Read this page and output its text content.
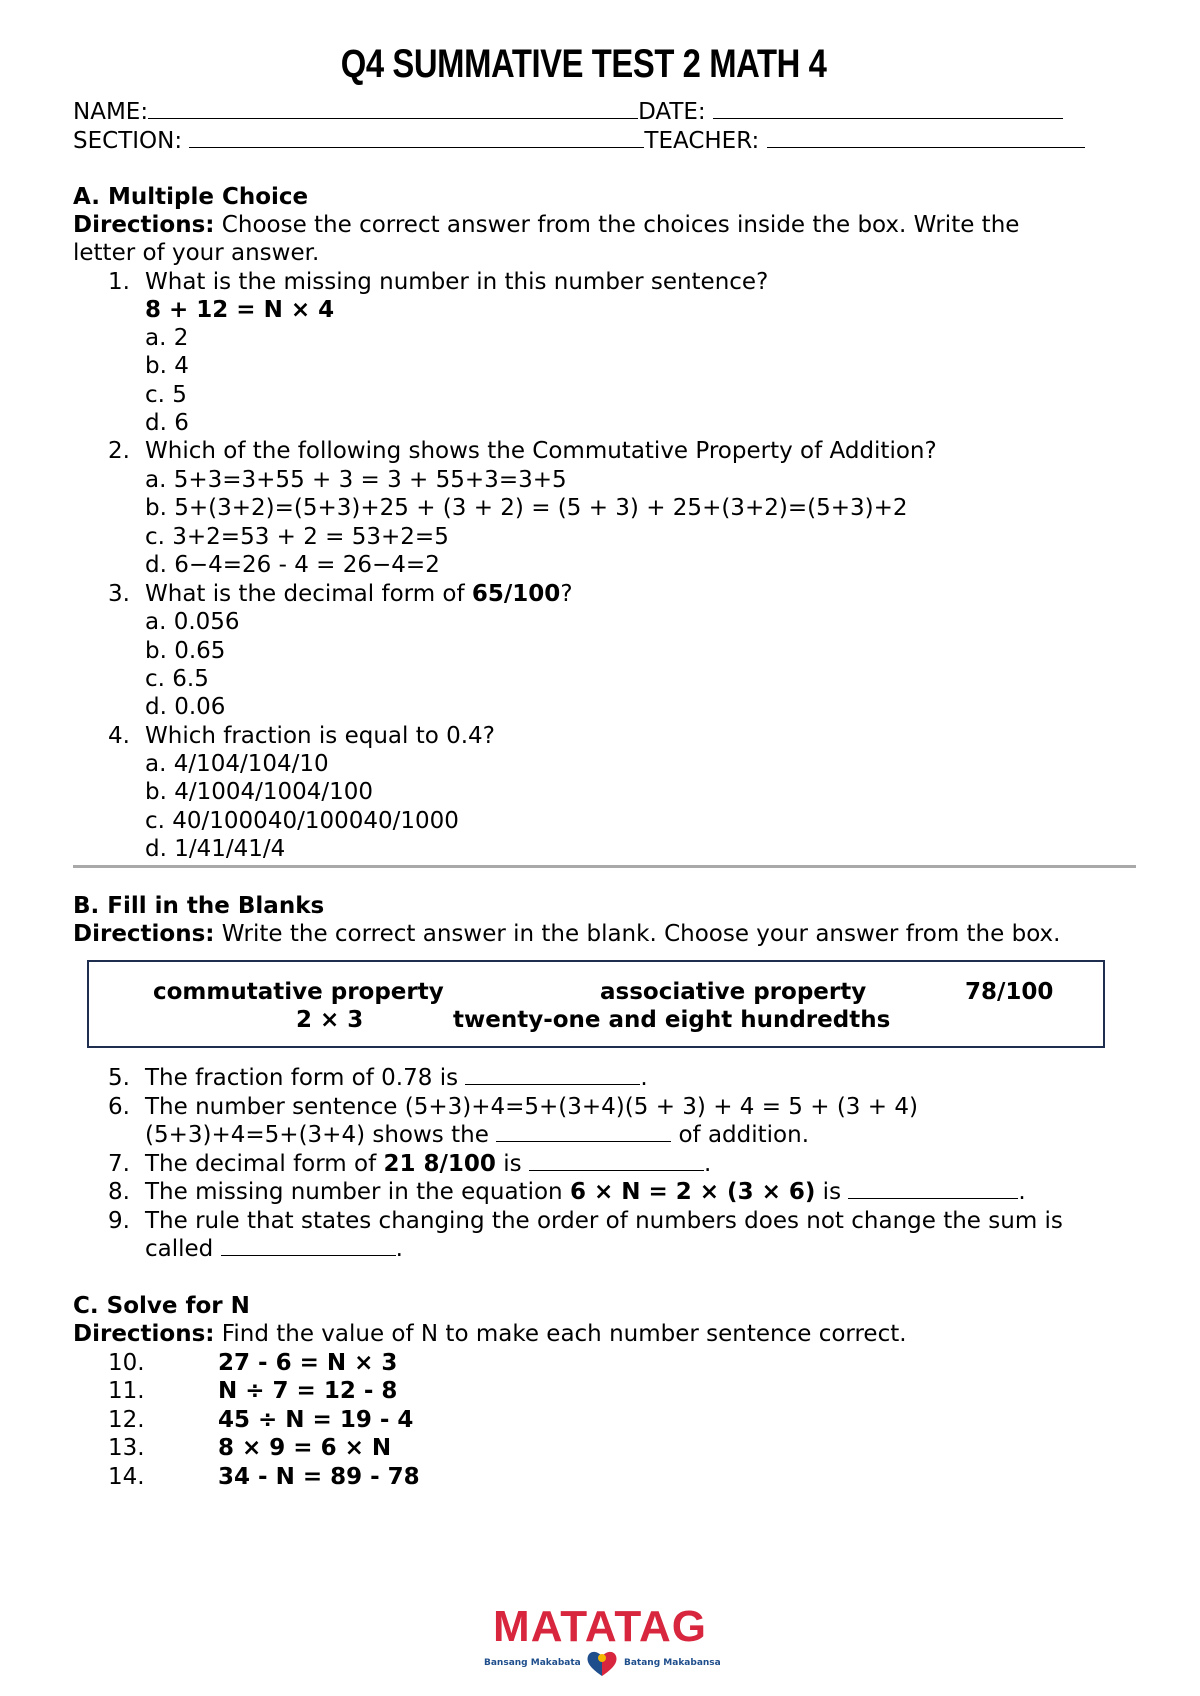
Q4 SUMMATIVE TEST 2 MATH 4
NAME:	DATE:
SECTION:	TEACHER:
A. Multiple Choice
Directions: Choose the correct answer from the choices inside the box. Write the
letter of your answer.
1. What is the missing number in this number sentence?
8 + 12 = N × 4
a. 2
b. 4
c. 5
d. 6
2. Which of the following shows the Commutative Property of Addition?
a. 5+3=3+55 + 3 = 3 + 55+3=3+5
b. 5+(3+2)=(5+3)+25 + (3 + 2) = (5 + 3) + 25+(3+2)=(5+3)+2
c. 3+2=53 + 2 = 53+2=5
d. 6−4=26 - 4 = 26−4=2
3. What is the decimal form of 65/100?
a. 0.056
b. 0.65
c. 6.5
d. 0.06
4. Which fraction is equal to 0.4?
a. 4/104/104/10
b. 4/1004/1004/100
c. 40/100040/100040/1000
d. 1/41/41/4
B. Fill in the Blanks
Directions: Write the correct answer in the blank. Choose your answer from the box.
commutative property	associative property	78/100
2 × 3	twenty-one and eight hundredths
5. The fraction form of 0.78 is	.
6. The number sentence (5+3)+4=5+(3+4)(5 + 3) + 4 = 5 + (3 + 4)
(5+3)+4=5+(3+4) shows the	of addition.
7. The decimal form of 21 8/100 is	.
8. The missing number in the equation 6 × N = 2 × (3 × 6) is	.
9. The rule that states changing the order of numbers does not change the sum is
called	.
C. Solve for N
Directions: Find the value of N to make each number sentence correct.
10.	27 - 6 = N × 3
11.	N ÷ 7 = 12 - 8
12.	45 ÷ N = 19 - 4
13.	8 × 9 = 6 × N
14.	34 - N = 89 - 78
MATATAG
Bansang Makabata	Batang Makabansa
